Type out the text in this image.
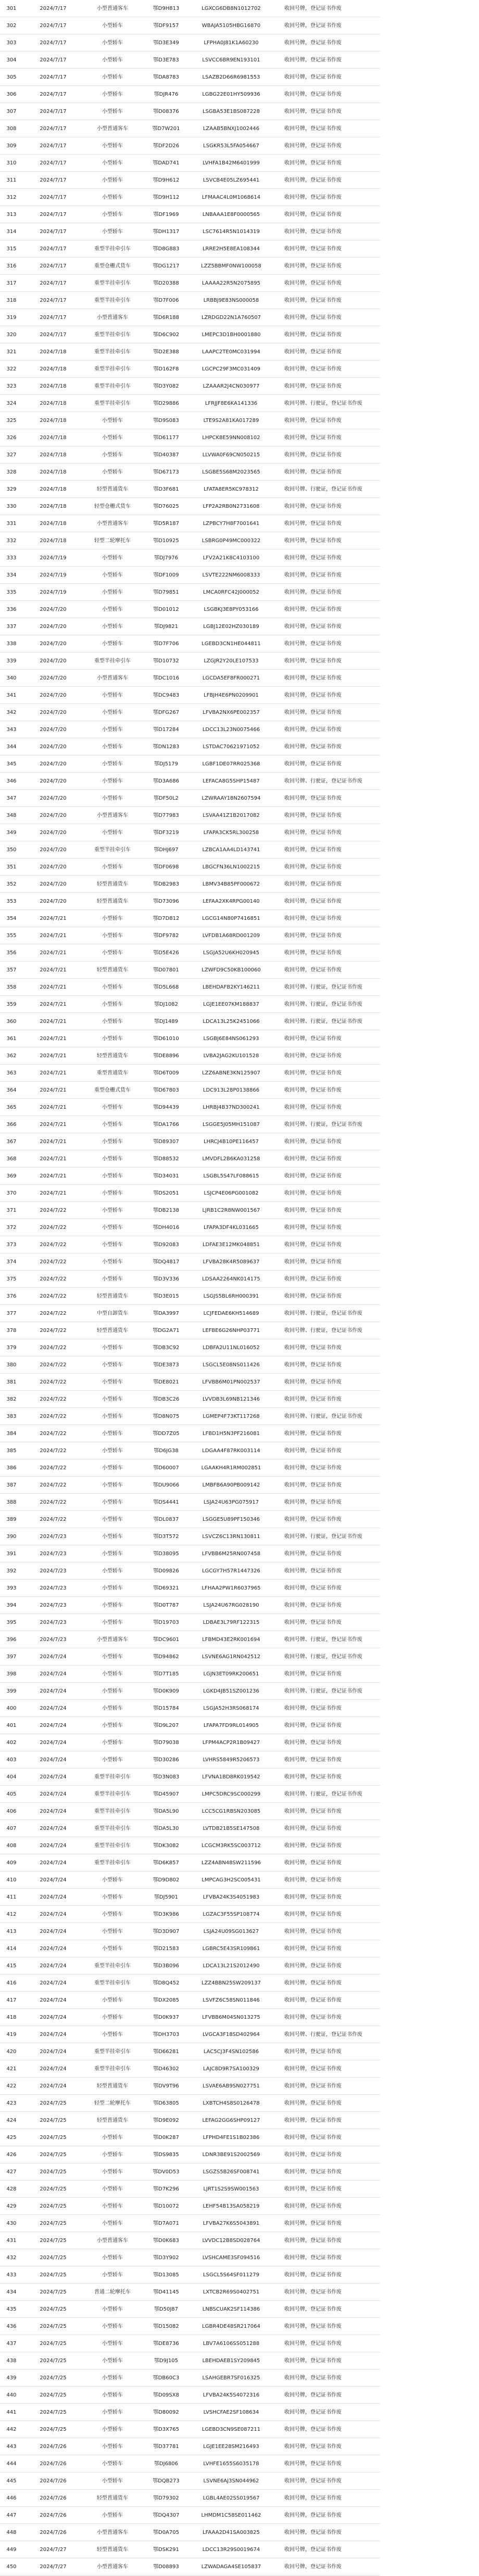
301	2024/7/17	小型普通客车	鄂D9H813	LGXCG6DB8N1012702	收回号牌，登记证书作废
302	2024/7/17	小型轿车	鄂DF9157	WBAJA5105HBG16870	收回号牌，登记证书作废
303	2024/7/17	小型轿车	鄂D3E349	LFPHA0J81K1A60230	收回号牌，登记证书作废
304	2024/7/17	小型轿车	鄂D3E783	LSVCC6BR9EN193101	收回号牌，登记证书作废
305	2024/7/17	小型轿车	鄂DA8783	LSAZB2D66R6981553	收回号牌，登记证书作废
306	2024/7/17	小型轿车	鄂DJR476	LGBG22E01HY509936	收回号牌，登记证书作废
307	2024/7/17	小型轿车	鄂D08376	LSGBA53E1BS087228	收回号牌，登记证书作废
308	2024/7/17	小型普通客车	鄂D7W201	LZAAB5BNXJ1002446	收回号牌，登记证书作废
309	2024/7/17	小型轿车	鄂DF2D26	LSGKR53L5FA054667	收回号牌，登记证书作废
310	2024/7/17	小型轿车	鄂DAD741	LVHFA1B42M6401999	收回号牌，登记证书作废
311	2024/7/17	小型轿车	鄂D9H612	LSVCB4E05LZ695441	收回号牌，登记证书作废
312	2024/7/17	小型轿车	鄂D9H112	LFMAAC4L0M1068614	收回号牌，登记证书作废
313	2024/7/17	小型轿车	鄂DF1969	LNBAAA1E8F0000565	收回号牌，登记证书作废
314	2024/7/17	小型轿车	鄂DH1317	LSC7614R5N1014319	收回号牌，登记证书作废
315	2024/7/17	重型半挂牵引车	鄂D8G883	LRRE2H5E8EA108344	收回号牌，登记证书作废
316	2024/7/17	重型仓栅式货车	鄂DG1217	LZZ5BBMF0NW100058	收回号牌，登记证书作废
317	2024/7/17	重型半挂牵引车	鄂D20388	LAAAA22R5N2075895	收回号牌，登记证书作废
318	2024/7/17	重型半挂牵引车	鄂D7F006	LRBBJ9E83NS000058	收回号牌，登记证书作废
319	2024/7/17	小型普通客车	鄂D6R188	LZRDGD22N1A760507	收回号牌，登记证书作废
320	2024/7/17	重型半挂牵引车	鄂D6C902	LMEPC3D1BH0001880	收回号牌，登记证书作废
321	2024/7/18	重型半挂牵引车	鄂D2E388	LAAPC2TE0MC031994	收回号牌，登记证书作废
322	2024/7/18	重型半挂牵引车	鄂D162F8	LGCPC29F3MC031409	收回号牌，登记证书作废
323	2024/7/18	重型半挂牵引车	鄂D3Y082	LZAAAR2J4CN030977	收回号牌，登记证书作废
324	2024/7/18	重型半挂牵引车	鄂D29886	LFRJJF8E6KA141336	收回号牌、行驶证，登记证书作废
325	2024/7/18	小型轿车	鄂D9S083	LTE9S2A81KA017289	收回号牌，登记证书作废
326	2024/7/18	小型轿车	鄂D61177	LHPCK8E59NN008102	收回号牌，登记证书作废
327	2024/7/18	小型轿车	鄂D40387	LLVWA0F69CN050215	收回号牌，登记证书作废
328	2024/7/18	小型轿车	鄂D67173	LSGBE5S68M2023565	收回号牌，登记证书作废
329	2024/7/18	轻型普通货车	鄂D3F681	LFATA8ER5KC978312	收回号牌、行驶证，登记证书作废
330	2024/7/18	轻型仓栅式货车	鄂D76025	LFP2A2RB0N2731608	收回号牌，登记证书作废
331	2024/7/18	小型普通客车	鄂D5R187	LZPBCY7H8F7001641	收回号牌，登记证书作废
332	2024/7/18	轻型二轮摩托车	鄂D10925	LSBRG0P49MC000322	收回号牌，登记证书作废
333	2024/7/19	小型轿车	鄂DJ7976	LFV2A21K8C4103100	收回号牌，登记证书作废
334	2024/7/19	小型轿车	鄂DF1009	LSVTE222NM6008333	收回号牌，登记证书作废
335	2024/7/19	小型轿车	鄂D79851	LMCA0RFC42J000052	收回号牌，登记证书作废
336	2024/7/20	小型轿车	鄂D01012	LSGBKJ3E8PY053166	收回号牌，登记证书作废
337	2024/7/20	小型轿车	鄂DJ9821	LGBJ12E02HZ030189	收回号牌，登记证书作废
338	2024/7/20	小型轿车	鄂D7F706	LGEBD3CN1HE044811	收回号牌，登记证书作废
339	2024/7/20	重型半挂牵引车	鄂D10732	LZGJR2Y20LE107533	收回号牌，登记证书作废
340	2024/7/20	小型普通客车	鄂DC1016	LGCDA5EF8FR000271	收回号牌，登记证书作废
341	2024/7/20	小型轿车	鄂DC9483	LFBJH4E6PN0209901	收回号牌，登记证书作废
342	2024/7/20	小型轿车	鄂DFG267	LFVBA2NX6PE002357	收回号牌，登记证书作废
343	2024/7/20	小型轿车	鄂D17284	LDCC13L23N0075466	收回号牌，登记证书作废
344	2024/7/20	小型轿车	鄂DN1283	LSTDAC70621971052	收回号牌，登记证书作废
345	2024/7/20	小型轿车	鄂DJ5179	LGBF1DE07RR025368	收回号牌，登记证书作废
346	2024/7/20	小型轿车	鄂D3A686	LEFACA8G5SHP15487	收回号牌、行驶证，登记证书作废
347	2024/7/20	小型轿车	鄂DF50L2	LZWRAAY18N2607594	收回号牌，登记证书作废
348	2024/7/20	小型普通客车	鄂D77983	LSVAA41Z1B2017082	收回号牌，登记证书作废
349	2024/7/20	小型轿车	鄂DF3219	LFAPA3CK5RL300258	收回号牌，登记证书作废
350	2024/7/20	重型半挂牵引车	鄂DHJ697	LZBCA1AA4LD143741	收回号牌，登记证书作废
351	2024/7/20	小型轿车	鄂DF0698	LBGCFN36LN1002215	收回号牌，登记证书作废
352	2024/7/20	轻型普通货车	鄂DB2983	LBMV34B85PF000672	收回号牌，登记证书作废
353	2024/7/20	轻型普通货车	鄂D73096	LEFAA2XK4RPG00140	收回号牌，登记证书作废
354	2024/7/21	小型轿车	鄂D7D812	LGCG14N80P7416851	收回号牌，登记证书作废
355	2024/7/21	小型轿车	鄂DF9782	LVFDB1A68RD001209	收回号牌，登记证书作废
356	2024/7/21	小型轿车	鄂D5E426	LSGJA52U6KH020945	收回号牌，登记证书作废
357	2024/7/21	轻型普通货车	鄂D07801	LZWFD9C50KB100060	收回号牌，登记证书作废
358	2024/7/21	小型轿车	鄂D5L668	LBEHDAFB2KY146211	收回号牌、行驶证，登记证书作废
359	2024/7/21	小型轿车	鄂DJ1082	LGJE1EE07KM188837	收回号牌、行驶证，登记证书作废
360	2024/7/21	小型轿车	鄂DJ1489	LDCA13L25K2451066	收回号牌、行驶证，登记证书作废
361	2024/7/21	小型轿车	鄂D61010	LSGBJ6E84NS061293	收回号牌，登记证书作废
362	2024/7/21	轻型普通货车	鄂DE8896	LVBA2JAG2KU101528	收回号牌，登记证书作废
363	2024/7/21	重型普通货车	鄂D6T009	LZZ6ABNE3KN125907	收回号牌，登记证书作废
364	2024/7/21	重型仓栅式货车	鄂D67803	LDC913L28P0138866	收回号牌，登记证书作废
365	2024/7/21	小型轿车	鄂D94439	LHRBJ4B37ND300241	收回号牌，登记证书作废
366	2024/7/21	小型轿车	鄂DA1766	LSGGE5J05MH151087	收回号牌、行驶证，登记证书作废
367	2024/7/21	小型轿车	鄂D89307	LHRCJ4B10PE116457	收回号牌，登记证书作废
368	2024/7/21	小型轿车	鄂D88532	LMVDFL2B6KA031258	收回号牌，登记证书作废
369	2024/7/21	小型轿车	鄂D34031	LSGBL5S47LF088615	收回号牌，登记证书作废
370	2024/7/21	小型轿车	鄂DS2051	LSJCP4E06PG001082	收回号牌，登记证书作废
371	2024/7/22	小型轿车	鄂DB2138	LJRB1C2R8NW001567	收回号牌，登记证书作废
372	2024/7/22	小型轿车	鄂DH4016	LFAPA3DF4KL031665	收回号牌，登记证书作废
373	2024/7/22	小型轿车	鄂D92083	LDFAE3E12MK048851	收回号牌，登记证书作废
374	2024/7/22	小型轿车	鄂DQ4817	LFVBA28K4R5089637	收回号牌，登记证书作废
375	2024/7/22	小型轿车	鄂D3V336	LDSAA2264NK014175	收回号牌，登记证书作废
376	2024/7/22	轻型普通货车	鄂D3E015	LSGJS5BL6RH000391	收回号牌，登记证书作废
377	2024/7/22	中型自卸货车	鄂DA3997	LCJFEDAE6KH514689	收回号牌、行驶证，登记证书作废
378	2024/7/22	轻型普通货车	鄂DG2A71	LEFBE6G26NHP03771	收回号牌、行驶证，登记证书作废
379	2024/7/22	小型轿车	鄂DB3C92	LDBFA2U11NL016052	收回号牌，登记证书作废
380	2024/7/22	小型轿车	鄂DE3873	LSGCL5E08NS011426	收回号牌，登记证书作废
381	2024/7/22	小型轿车	鄂DE8021	LFVBB6M01PN002537	收回号牌，登记证书作废
382	2024/7/22	小型轿车	鄂DB3C26	LVVDB3L69NB121346	收回号牌，登记证书作废
383	2024/7/22	小型轿车	鄂D8N075	LGMEP4F73KT117268	收回号牌、行驶证，登记证书作废
384	2024/7/22	小型轿车	鄂DD7Z05	LFBD1H5N3PF216081	收回号牌，登记证书作废
385	2024/7/22	小型轿车	鄂D6JG38	LDGAA4F87RK003114	收回号牌，登记证书作废
386	2024/7/22	小型轿车	鄂D60007	LGAAKH4R1RM002851	收回号牌，登记证书作废
387	2024/7/22	小型轿车	鄂DU9066	LMBFB6A90PB009142	收回号牌，登记证书作废
388	2024/7/22	小型轿车	鄂DS4441	LSJA24U63PG075917	收回号牌，登记证书作废
389	2024/7/22	小型轿车	鄂DL0837	LSGGE5U89PF150346	收回号牌，登记证书作废
390	2024/7/23	小型轿车	鄂D3T572	LSVCZ6C13RN130811	收回号牌、行驶证，登记证书作废
391	2024/7/23	小型轿车	鄂D38095	LFVBB6M25RN007458	收回号牌，登记证书作废
392	2024/7/23	小型轿车	鄂D09826	LGCGY7H57R1447326	收回号牌，登记证书作废
393	2024/7/23	小型轿车	鄂D69321	LFHAA2PW1R6037965	收回号牌，登记证书作废
394	2024/7/23	小型轿车	鄂D0T787	LSJA24U67RG028190	收回号牌，登记证书作废
395	2024/7/23	小型轿车	鄂D19703	LDBAE3L79RF122315	收回号牌，登记证书作废
396	2024/7/23	小型普通客车	鄂DC9601	LFBMD43E2RK001694	收回号牌、行驶证，登记证书作废
397	2024/7/24	小型轿车	鄂D94862	LSVNE6AG1RN042512	收回号牌、行驶证，登记证书作废
398	2024/7/24	小型轿车	鄂D7T185	LGJN3ET09RK200651	收回号牌，登记证书作废
399	2024/7/24	小型轿车	鄂D0K909	LGKD4JB51SZ001236	收回号牌、行驶证，登记证书作废
400	2024/7/24	小型轿车	鄂D15784	LSGJA52H3RS068174	收回号牌，登记证书作废
401	2024/7/24	小型轿车	鄂D9L207	LFAPA7FD9RL014905	收回号牌，登记证书作废
402	2024/7/24	小型轿车	鄂D79038	LFPM4ACP2R1B09427	收回号牌，登记证书作废
403	2024/7/24	小型轿车	鄂D30286	LVHRS5849R5206573	收回号牌，登记证书作废
404	2024/7/24	重型半挂牵引车	鄂D3N083	LFVNA1BD8RK019542	收回号牌，登记证书作废
405	2024/7/24	重型半挂牵引车	鄂D45907	LMPC5DRC9SC000299	收回号牌、行驶证，登记证书作废
406	2024/7/24	重型半挂牵引车	鄂DA5L90	LCC5CG1RBSN203085	收回号牌，登记证书作废
407	2024/7/24	重型半挂牵引车	鄂DA5L30	LVTDB21B5SE147508	收回号牌，登记证书作废
408	2024/7/24	重型半挂牵引车	鄂DK3082	LCGCM3RK5SC003712	收回号牌，登记证书作废
409	2024/7/24	重型半挂牵引车	鄂D6K857	LZZ4ABN48SW211596	收回号牌，登记证书作废
410	2024/7/24	小型轿车	鄂D9D802	LMPCAG3H2SC005431	收回号牌，登记证书作废
411	2024/7/24	小型轿车	鄂DJ5901	LFVBA24K3S4051983	收回号牌，登记证书作废
412	2024/7/24	小型轿车	鄂D3K986	LGZAC3F55SP108774	收回号牌，登记证书作废
413	2024/7/24	小型轿车	鄂D3D907	LSJA24U09SG013627	收回号牌，登记证书作废
414	2024/7/24	小型轿车	鄂D21583	LGBRC5E43SR109861	收回号牌，登记证书作废
415	2024/7/24	重型半挂牵引车	鄂D3B096	LDCA13L21S2012490	收回号牌，登记证书作废
416	2024/7/24	重型半挂牵引车	鄂D8Q452	LZZ4BBN25SW209137	收回号牌，登记证书作废
417	2024/7/24	小型轿车	鄂DX2085	LSVFZ6C58SN011846	收回号牌，登记证书作废
418	2024/7/24	小型轿车	鄂D0K937	LFVBB6M04SN013275	收回号牌，登记证书作废
419	2024/7/24	小型轿车	鄂DH3703	LVGCA3F18SD402964	收回号牌、行驶证，登记证书作废
420	2024/7/24	重型半挂牵引车	鄂D66281	LAC5CJ3F4SN102586	收回号牌，登记证书作废
421	2024/7/24	重型半挂牵引车	鄂D46302	LAJC8D9R7SA100329	收回号牌，登记证书作废
422	2024/7/24	轻型普通货车	鄂DV9T96	LSVAE6AB9SN027751	收回号牌，登记证书作废
423	2024/7/25	轻型二轮摩托车	鄂D63805	LXBTCH4S8S0126478	收回号牌，登记证书作废
424	2024/7/25	轻型普通货车	鄂D9E092	LEFAG2GG6SHP09127	收回号牌，登记证书作废
425	2024/7/25	小型轿车	鄂D0K287	LFPHD4FE1S1B02386	收回号牌，登记证书作废
426	2024/7/25	小型轿车	鄂DS9835	LDNR3BE91S2002569	收回号牌，登记证书作废
427	2024/7/25	小型轿车	鄂DV0D53	LSGZS5B26SF008741	收回号牌，登记证书作废
428	2024/7/25	小型轿车	鄂D7K296	LJRT1S2S9SW001563	收回号牌，登记证书作废
429	2024/7/25	小型轿车	鄂D10072	LEHF54B13SA058219	收回号牌，登记证书作废
430	2024/7/25	小型轿车	鄂D7A071	LFVBA27K6S5043891	收回号牌，登记证书作废
431	2024/7/25	小型普通客车	鄂D0K683	LVVDC12B8SD028764	收回号牌，登记证书作废
432	2024/7/25	小型轿车	鄂D3Y902	LVSHCAME3SF094516	收回号牌，登记证书作废
433	2024/7/25	小型轿车	鄂D13085	LSGCL5S64SF011279	收回号牌，登记证书作废
434	2024/7/25	普通二轮摩托车	鄂D41145	LXTCB2R69S0402751	收回号牌，登记证书作废
435	2024/7/25	小型轿车	鄂D50J87	LNBSCUAK2SF114386	收回号牌，登记证书作废
436	2024/7/25	小型轿车	鄂D15082	LGBR4DE48SR217064	收回号牌，登记证书作废
437	2024/7/25	小型轿车	鄂DE8736	LBV7A6106SS051288	收回号牌，登记证书作废
438	2024/7/25	小型轿车	鄂D9J105	LBEHDAEB1SY209845	收回号牌，登记证书作废
439	2024/7/25	小型轿车	鄂DB60C3	LSAHGEBR7SF016325	收回号牌，登记证书作废
440	2024/7/25	小型轿车	鄂D09SX8	LFVBA24K5S4072316	收回号牌，登记证书作废
441	2024/7/25	小型轿车	鄂D80092	LVSHCFAE2SF108634	收回号牌，登记证书作废
442	2024/7/25	小型轿车	鄂D3X765	LGEBD3CN9SE087211	收回号牌，登记证书作废
443	2024/7/26	小型轿车	鄂D37781	LGJE1EE28SM216493	收回号牌，登记证书作废
444	2024/7/26	小型轿车	鄂DJ6806	LVHFE1655S6035178	收回号牌，登记证书作废
445	2024/7/26	小型轿车	鄂DQB273	LSVNE6AJ3SN044962	收回号牌，登记证书作废
446	2024/7/26	轻型普通货车	鄂D79302	LGBL4AE02SS019567	收回号牌，登记证书作废
447	2024/7/26	小型轿车	鄂DQ4307	LHMDM1C58SE011462	收回号牌，登记证书作废
448	2024/7/26	小型普通客车	鄂D0A705	LFAAA2D41SA003825	收回号牌，登记证书作废
449	2024/7/27	轻型普通货车	鄂DSK291	LDCC13R29S0019674	收回号牌，登记证书作废
450	2024/7/27	小型普通客车	鄂D08893	LZWADAGA4SE105837	收回号牌，登记证书作废
